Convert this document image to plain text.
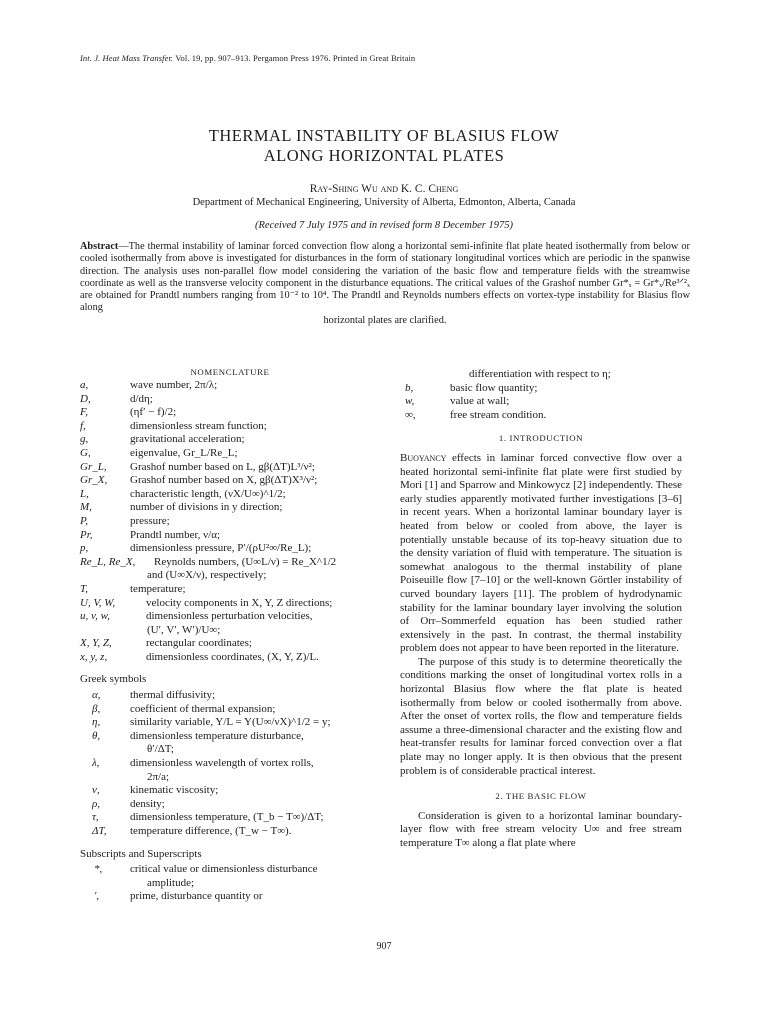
Int. J. Heat Mass Transfer. Vol. 19, pp. 907–913. Pergamon Press 1976. Printed in Great Britain
THERMAL INSTABILITY OF BLASIUS FLOW
ALONG HORIZONTAL PLATES
Ray-Shing Wu and K. C. Cheng
Department of Mechanical Engineering, University of Alberta, Edmonton, Alberta, Canada
(Received 7 July 1975 and in revised form 8 December 1975)
Abstract—The thermal instability of laminar forced convection flow along a horizontal semi-infinite flat plate heated isothermally from below or cooled isothermally from above is investigated for disturbances in the form of stationary longitudinal vortices which are periodic in the spanwise direction. The analysis uses non-parallel flow model considering the variation of the basic flow and temperature fields with the streamwise coordinate as well as the transverse velocity component in the disturbance equations. The critical values of the Grashof number Gr*ₓ = Gr*ₓ/Re³ᐟ²ₓ are obtained for Prandtl numbers ranging from 10⁻² to 10⁴. The Prandtl and Reynolds numbers effects on vortex-type instability for Blasius flow along
horizontal plates are clarified.
NOMENCLATURE
a,	wave number, 2π/λ;
D,	d/dη;
F,	(ηf′ − f)/2;
f,	dimensionless stream function;
g,	gravitational acceleration;
G,	eigenvalue, Gr_L/Re_L;
Gr_L,	Grashof number based on L, gβ(ΔT)L³/ν²;
Gr_X,	Grashof number based on X, gβ(ΔT)X³/ν²;
L,	characteristic length, (νX/U∞)^1/2;
M,	number of divisions in y direction;
P,	pressure;
Pr,	Prandtl number, ν/α;
p,	dimensionless pressure, P′/(ρU²∞/Re_L);
Re_L, Re_X,	Reynolds numbers, (U∞L/ν) = Re_X^1/2
and (U∞X/ν), respectively;
T,	temperature;
U, V, W,	velocity components in X, Y, Z directions;
u, v, w,	dimensionless perturbation velocities,
(U′, V′, W′)/U∞;
X, Y, Z,	rectangular coordinates;
x, y, z,	dimensionless coordinates, (X, Y, Z)/L.
Greek symbols
α,	thermal diffusivity;
β,	coefficient of thermal expansion;
η,	similarity variable, Y/L = Y(U∞/νX)^1/2 = y;
θ,	dimensionless temperature disturbance,
θ′/ΔT;
λ,	dimensionless wavelength of vortex rolls,
2π/a;
ν,	kinematic viscosity;
ρ,	density;
τ,	dimensionless temperature, (T_b − T∞)/ΔT;
ΔT,	temperature difference, (T_w − T∞).
Subscripts and Superscripts
*,	critical value or dimensionless disturbance
amplitude;
′,	prime, disturbance quantity or
differentiation with respect to η;
b,	basic flow quantity;
w,	value at wall;
∞,	free stream condition.
1. INTRODUCTION

Buoyancy effects in laminar forced convective flow over a heated horizontal semi-infinite flat plate were first studied by Mori [1] and Sparrow and Minkowycz [2] independently. These early studies apparently motivated further investigations [3–6] in recent years. When a horizontal laminar boundary layer is heated from below or cooled from above, the layer is potentially unstable because of its top-heavy situation due to the density variation of fluid with temperature. The situation is somewhat analogous to the thermal instability of plane Poiseuille flow [7–10] or the well-known Görtler instability of curved boundary layers [11]. The problem of hydrodynamic stability for the laminar boundary layer involving the solution of Orr–Sommerfeld equation has been studied rather extensively in the past. In contrast, the thermal instability problem does not appear to have been reported in the literature.

The purpose of this study is to determine theoretically the conditions marking the onset of longitudinal vortex rolls in a horizontal Blasius flow where the flat plate is heated isothermally from below or cooled isothermally from above. After the onset of vortex rolls, the flow and temperature fields assume a three-dimensional character and the existing flow and heat-transfer results for laminar forced convection over a flat plate may no longer apply. It is then obvious that the present problem is of considerable practical interest.

2. THE BASIC FLOW

Consideration is given to a horizontal laminar boundary-layer flow with free stream velocity U∞ and free stream temperature T∞ along a flat plate where

907
